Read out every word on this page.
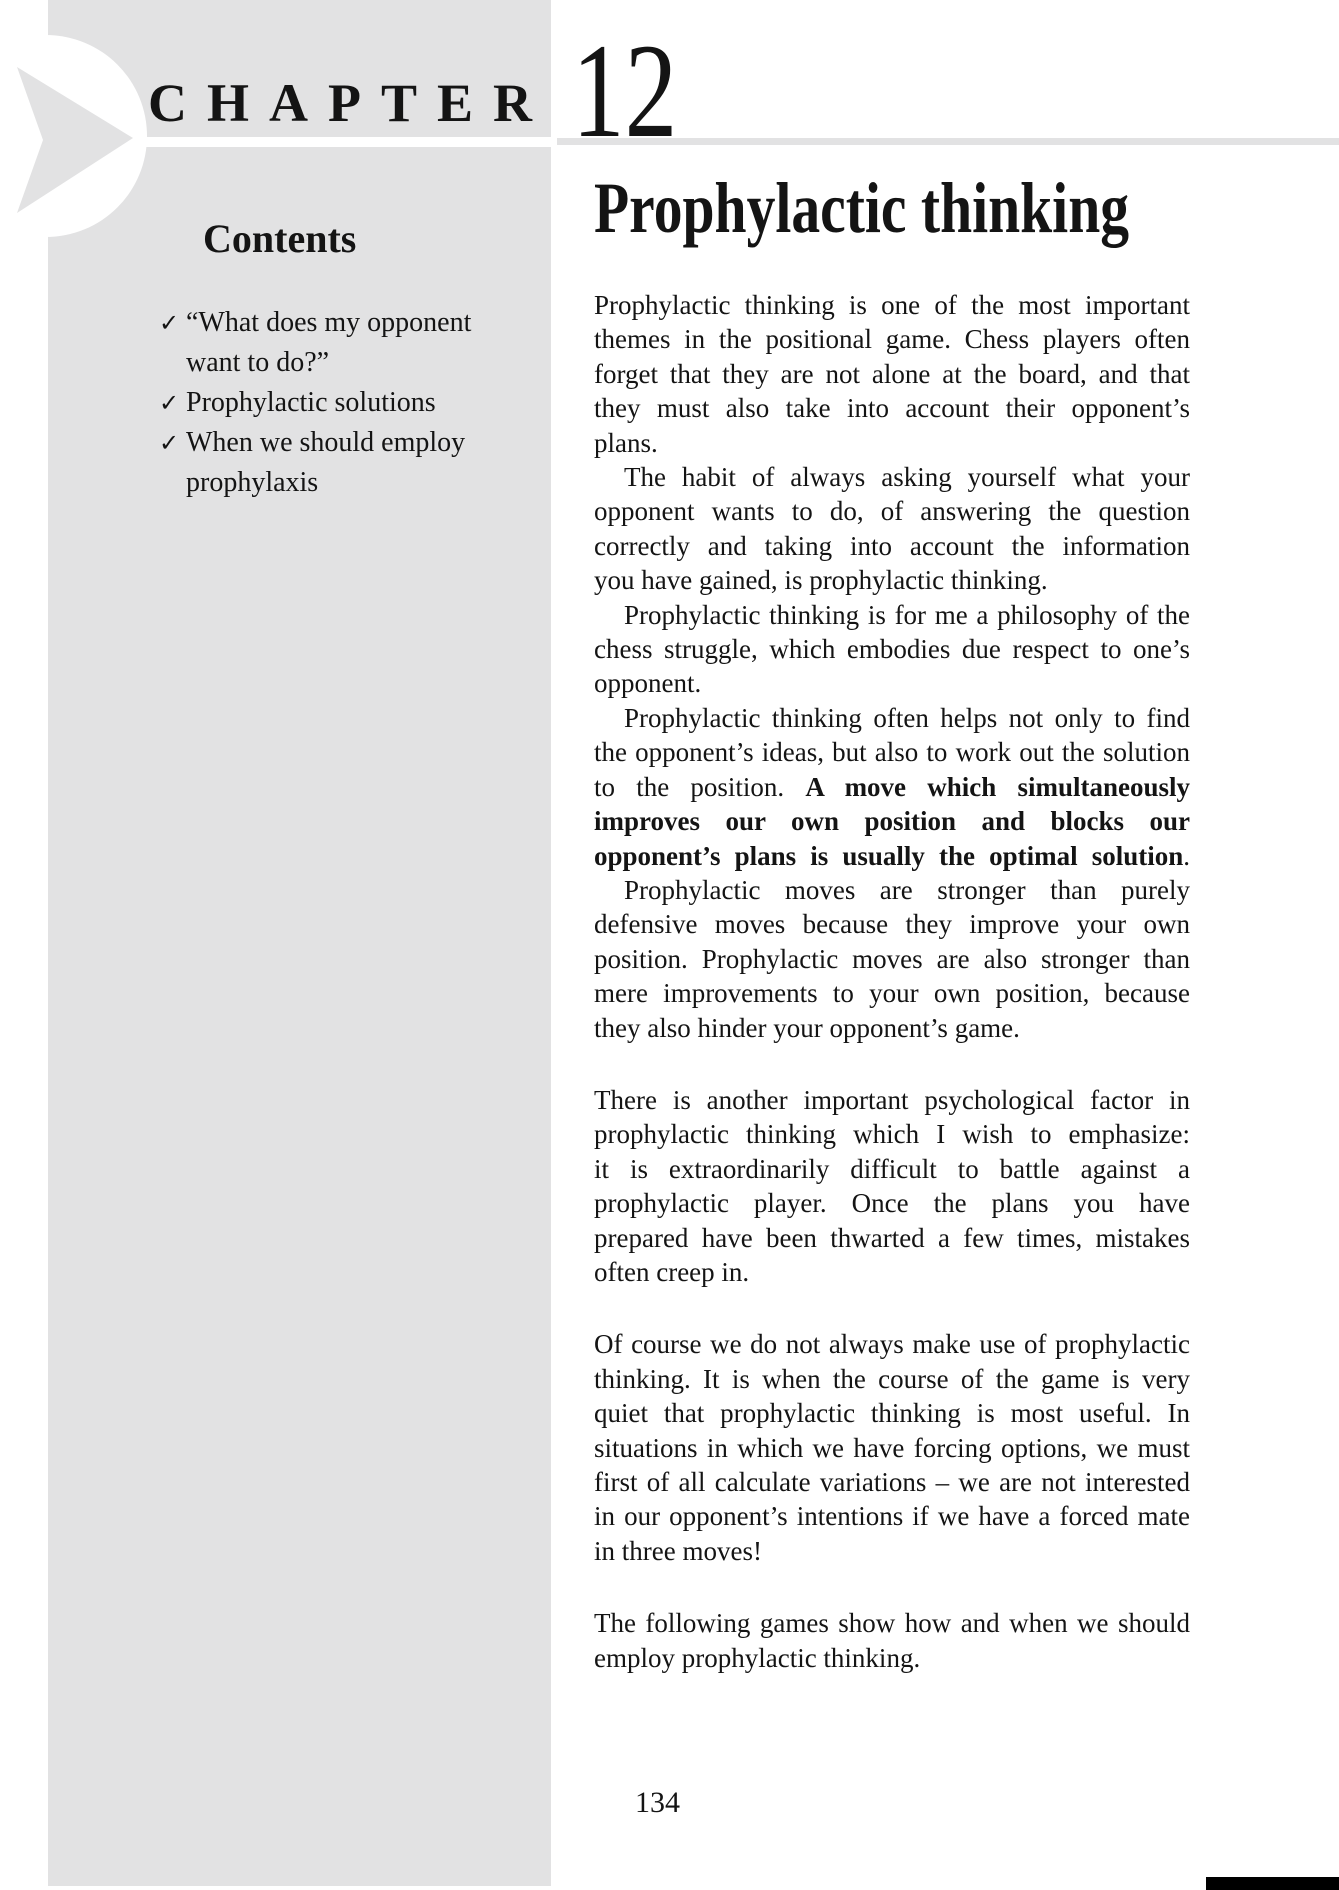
CHAPTER 12
Contents
✓ “What does my opponent
want to do?”
✓ Prophylactic solutions
✓ When we should employ
prophylaxis
Prophylactic thinking
Prophylactic thinking is one of the most important
themes in the positional game. Chess players often
forget that they are not alone at the board, and that
they must also take into account their opponent’s
plans.
The habit of always asking yourself what your
opponent wants to do, of answering the question
correctly and taking into account the information
you have gained, is prophylactic thinking.
Prophylactic thinking is for me a philosophy of the
chess struggle, which embodies due respect to one’s
opponent.
Prophylactic thinking often helps not only to find
the opponent’s ideas, but also to work out the solution
to the position. A move which simultaneously
improves our own position and blocks our
opponent’s plans is usually the optimal solution.
Prophylactic moves are stronger than purely
defensive moves because they improve your own
position. Prophylactic moves are also stronger than
mere improvements to your own position, because
they also hinder your opponent’s game.
There is another important psychological factor in
prophylactic thinking which I wish to emphasize:
it is extraordinarily difficult to battle against a
prophylactic player. Once the plans you have
prepared have been thwarted a few times, mistakes
often creep in.
Of course we do not always make use of prophylactic
thinking. It is when the course of the game is very
quiet that prophylactic thinking is most useful. In
situations in which we have forcing options, we must
first of all calculate variations – we are not interested
in our opponent’s intentions if we have a forced mate
in three moves!
The following games show how and when we should
employ prophylactic thinking.
134
